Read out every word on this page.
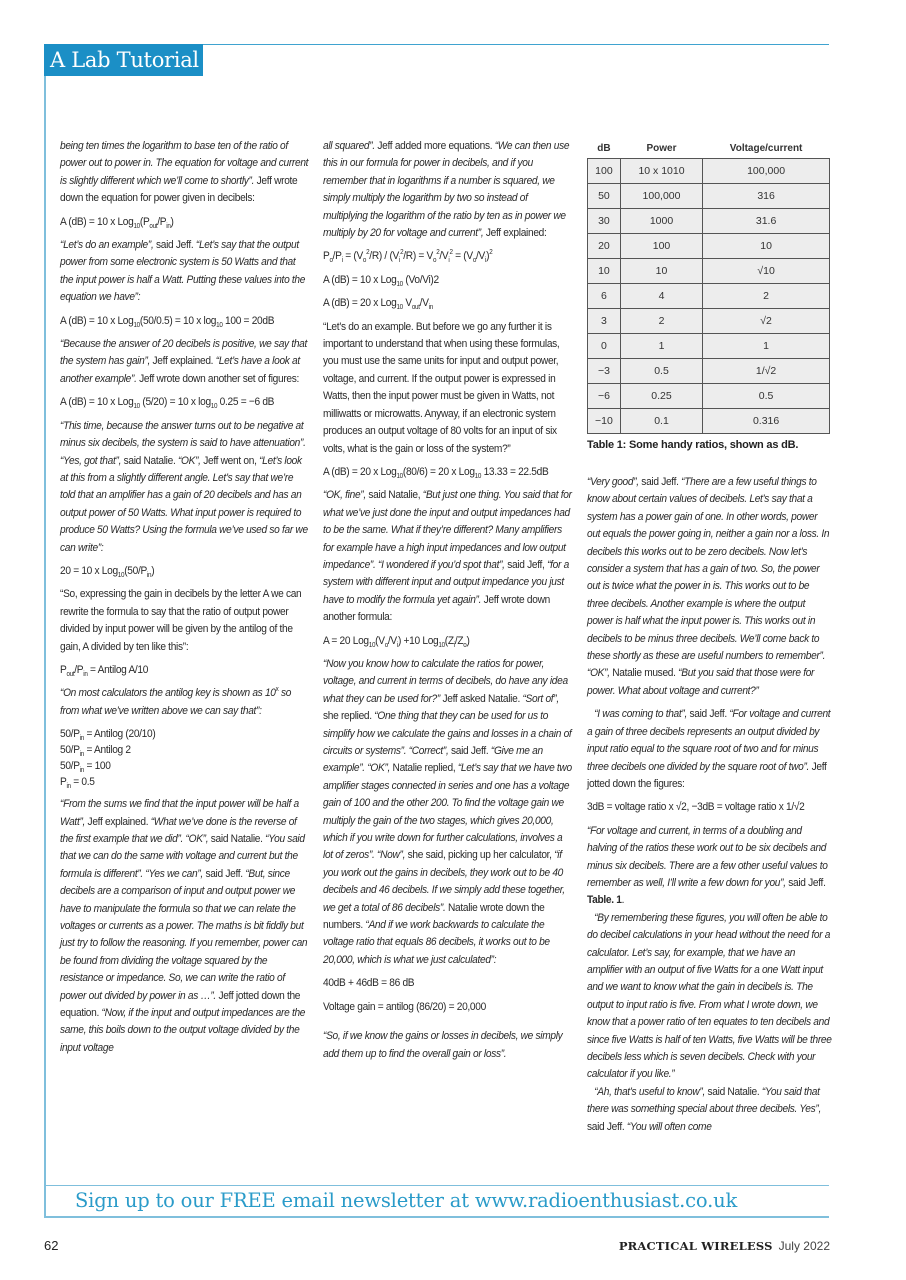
A Lab Tutorial

being ten times the logarithm to base ten of the ratio of power out to power in. The equation for voltage and current is slightly different which we’ll come to shortly”. Jeff wrote down the equation for power given in decibels:

A (dB) = 10 x $Log_{10}(P_{out}/P_{in})$

“Let’s do an example”, said Jeff. “Let’s say that the output power from some electronic system is 50 Watts and that the input power is half a Watt. Putting these values into the equation we have”:

A (dB) = 10 x Log$_{10}$(50/0.5) = 10 x $\log_{10} 100 = 20dB$

“Because the answer of 20 decibels is positive, we say that the system has gain”, Jeff explained. “Let’s have a look at another example”. Jeff wrote down another set of figures:

A (dB) = 10 x Log$_{10}$ (5/20) = 10 x $\log_{10} 0.25 = -6$ dB

“This time, because the answer turns out to be negative at minus six decibels, the system is said to have attenuation”. “Yes, got that”, said Natalie. “OK”, Jeff went on, “Let’s look at this from a slightly different angle. Let’s say that we’re told that an amplifier has a gain of 20 decibels and has an output power of 50 Watts. What input power is required to produce 50 Watts? Using the formula we’ve used so far we can write”:

20 = 10 x $Log_{10}(50/P_{in})$

“So, expressing the gain in decibels by the letter A we can rewrite the formula to say that the ratio of output power divided by input power will be given by the antilog of the gain, A divided by ten like this”:

$P_{out}/P_{in}$ = Antilog A/10

“On most calculators the antilog key is shown as 10$^x$ so from what we’ve written above we can say that”:

$50/P_{in}$ = Antilog (20/10)
$50/P_{in}$ = Antilog 2
$50/P_{in} = 100$
$P_{in} = 0.5$

“From the sums we find that the input power will be half a Watt”, Jeff explained. “What we’ve done is the reverse of the first example that we did”. “OK”, said Natalie. “You said that we can do the same with voltage and current but the formula is different”. “Yes we can”, said Jeff. “But, since decibels are a comparison of input and output power we have to manipulate the formula so that we can relate the voltages or currents as a power. The maths is bit fiddly but just try to follow the reasoning. If you remember, power can be found from dividing the voltage squared by the resistance or impedance. So, we can write the ratio of power out divided by power in as …”. Jeff jotted down the equation. “Now, if the input and output impedances are the same, this boils down to the output voltage divided by the input voltage

all squared”. Jeff added more equations. “We can then use this in our formula for power in decibels, and if you remember that in logarithms if a number is squared, we simply multiply the logarithm by two so instead of multiplying the logarithm of the ratio by ten as in power we multiply by 20 for voltage and current”, Jeff explained:

$P_o/P_i = (V_o^2/R) / (V_i^2/R) = V_o^2/V_i^2 = (V_o/V_i)^2$

A (dB) = 10 x Log$_{10}$ (Vo/Vi)2

A (dB) = 20 x Log$_{10}$ $V_{out}/V_{in}$

“Let’s do an example. But before we go any further it is important to understand that when using these formulas, you must use the same units for input and output power, voltage, and current. If the output power is expressed in Watts, then the input power must be given in Watts, not milliwatts or microwatts. Anyway, if an electronic system produces an output voltage of 80 volts for an input of six volts, what is the gain or loss of the system?”

A (dB) = 20 x Log$_{10}$(80/6) = 20 x Log$_{10}$ 13.33 = 22.5dB

“OK, fine”, said Natalie, “But just one thing. You said that for what we’ve just done the input and output impedances had to be the same. What if they’re different? Many amplifiers for example have a high input impedances and low output impedance”. “I wondered if you’d spot that”, said Jeff, “for a system with different input and output impedance you just have to modify the formula yet again”. Jeff wrote down another formula:

A = 20 $Log_{10}(V_o/V_i) +10$ $Log_{10}(Z_i/Z_o)$

“Now you know how to calculate the ratios for power, voltage, and current in terms of decibels, do have any idea what they can be used for?” Jeff asked Natalie. “Sort of”, she replied. “One thing that they can be used for us to simplify how we calculate the gains and losses in a chain of circuits or systems”. “Correct”, said Jeff. “Give me an example”. “OK”, Natalie replied, “Let’s say that we have two amplifier stages connected in series and one has a voltage gain of 100 and the other 200. To find the voltage gain we multiply the gain of the two stages, which gives 20,000, which if you write down for further calculations, involves a lot of zeros”. “Now”, she said, picking up her calculator, “if you work out the gains in decibels, they work out to be 40 decibels and 46 decibels. If we simply add these together, we get a total of 86 decibels”. Natalie wrote down the numbers. “And if we work backwards to calculate the voltage ratio that equals 86 decibels, it works out to be 20,000, which is what we just calculated”:

40dB + 46dB = 86 dB

Voltage gain = antilog (86/20) = 20,000

“So, if we know the gains or losses in decibels, we simply add them up to find the overall gain or loss”.

dB	Power	Voltage/current
100	10 x 1010	100,000
50	100,000	316
30	1000	31.6
20	100	10
10	10	√10
6	4	2
3	2	√2
0	1	1
−3	0.5	1/√2
−6	0.25	0.5
−10	0.1	0.316
Table 1: Some handy ratios, shown as dB.

“Very good”, said Jeff. “There are a few useful things to know about certain values of decibels. Let’s say that a system has a power gain of one. In other words, power out equals the power going in, neither a gain nor a loss. In decibels this works out to be zero decibels. Now let’s consider a system that has a gain of two. So, the power out is twice what the power in is. This works out to be three decibels. Another example is where the output power is half what the input power is. This works out in decibels to be minus three decibels. We’ll come back to these shortly as these are useful numbers to remember”. “OK”, Natalie mused. “But you said that those were for power. What about voltage and current?”

“I was coming to that”, said Jeff. “For voltage and current a gain of three decibels represents an output divided by input ratio equal to the square root of two and for minus three decibels one divided by the square root of two”. Jeff jotted down the figures:

3dB = voltage ratio x √2, −3dB = voltage ratio x 1/√2

“For voltage and current, in terms of a doubling and halving of the ratios these work out to be six decibels and minus six decibels. There are a few other useful values to remember as well, I’ll write a few down for you”, said Jeff. Table. 1.

“By remembering these figures, you will often be able to do decibel calculations in your head without the need for a calculator. Let’s say, for example, that we have an amplifier with an output of five Watts for a one Watt input and we want to know what the gain in decibels is. The output to input ratio is five. From what I wrote down, we know that a power ratio of ten equates to ten decibels and since five Watts is half of ten Watts, five Watts will be three decibels less which is seven decibels. Check with your calculator if you like.”

“Ah, that’s useful to know”, said Natalie. “You said that there was something special about three decibels. Yes”, said Jeff. “You will often come

Sign up to our FREE email newsletter at www.radioenthusiast.co.uk
62	PRACTICAL WIRELESS July 2022
